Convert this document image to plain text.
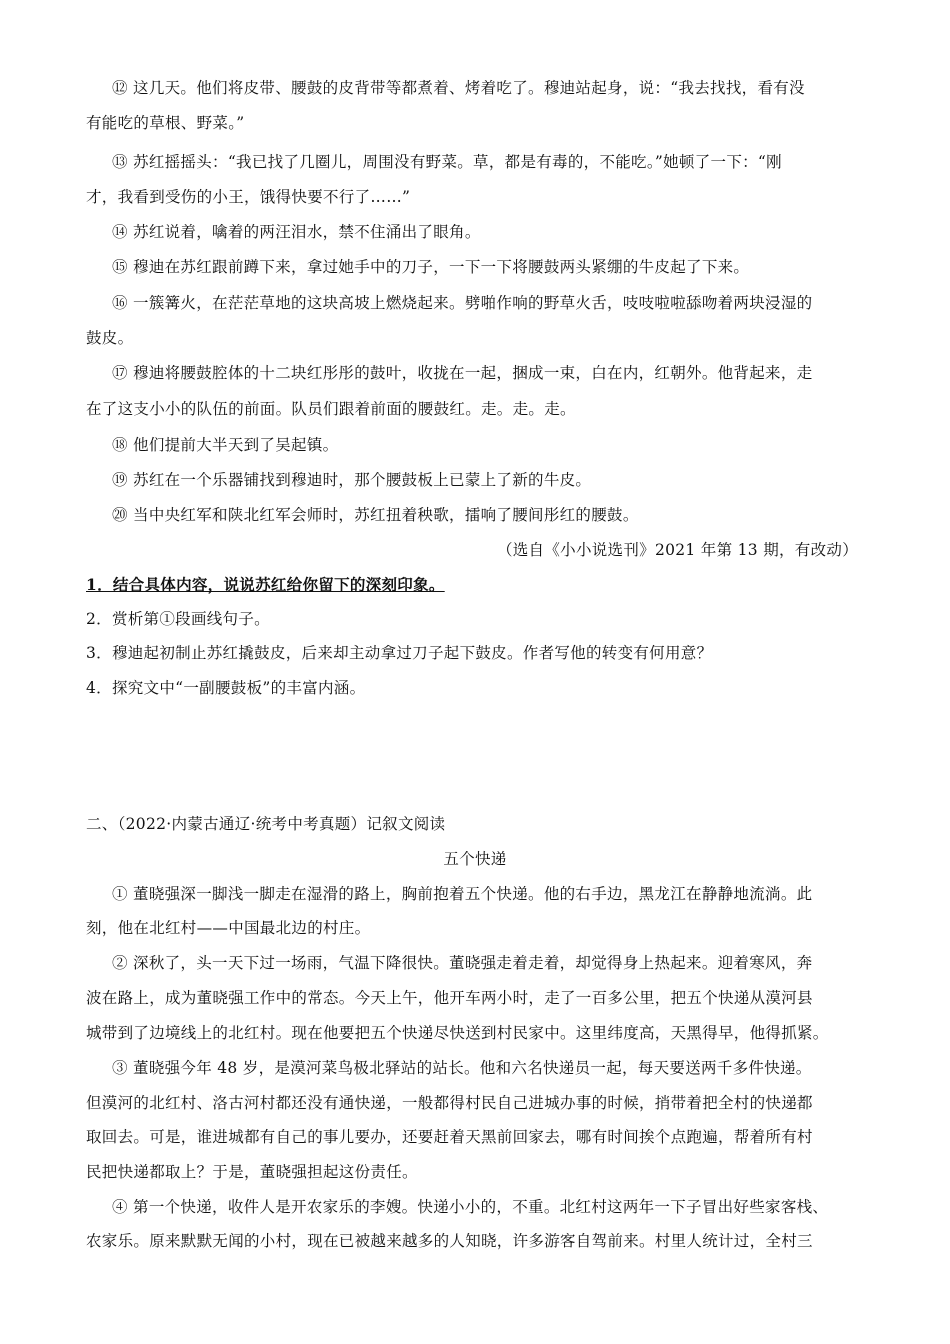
⑫ 这几天。他们将皮带、腰鼓的皮背带等都煮着、烤着吃了。穆迪站起身，说：“我去找找，看有没
有能吃的草根、野菜。”
⑬ 苏红摇摇头：“我已找了几圈儿，周围没有野菜。草，都是有毒的，不能吃。”她顿了一下：“刚
才，我看到受伤的小王，饿得快要不行了……”
⑭ 苏红说着，噙着的两汪泪水，禁不住涌出了眼角。
⑮ 穆迪在苏红跟前蹲下来，拿过她手中的刀子，一下一下将腰鼓两头紧绷的牛皮起了下来。
⑯ 一簇篝火，在茫茫草地的这块高坡上燃烧起来。劈啪作响的野草火舌，吱吱啦啦舔吻着两块浸湿的
鼓皮。
⑰ 穆迪将腰鼓腔体的十二块红彤彤的鼓叶，收拢在一起，捆成一束，白在内，红朝外。他背起来，走
在了这支小小的队伍的前面。队员们跟着前面的腰鼓红。走。走。走。
⑱ 他们提前大半天到了吴起镇。
⑲ 苏红在一个乐器铺找到穆迪时，那个腰鼓板上已蒙上了新的牛皮。
⑳ 当中央红军和陕北红军会师时，苏红扭着秧歌，擂响了腰间彤红的腰鼓。
（选自《小小说选刊》2021 年第 13 期，有改动）
1．结合具体内容，说说苏红给你留下的深刻印象。
2．赏析第①段画线句子。
3．穆迪起初制止苏红撬鼓皮，后来却主动拿过刀子起下鼓皮。作者写他的转变有何用意？
4．探究文中“一副腰鼓板”的丰富内涵。
二、（2022·内蒙古通辽·统考中考真题）记叙文阅读
五个快递
① 董晓强深一脚浅一脚走在湿滑的路上，胸前抱着五个快递。他的右手边，黑龙江在静静地流淌。此
刻，他在北红村——中国最北边的村庄。
② 深秋了，头一天下过一场雨，气温下降很快。董晓强走着走着，却觉得身上热起来。迎着寒风，奔
波在路上，成为董晓强工作中的常态。今天上午，他开车两小时，走了一百多公里，把五个快递从漠河县
城带到了边境线上的北红村。现在他要把五个快递尽快送到村民家中。这里纬度高，天黑得早，他得抓紧。
③ 董晓强今年 48 岁，是漠河菜鸟极北驿站的站长。他和六名快递员一起，每天要送两千多件快递。
但漠河的北红村、洛古河村都还没有通快递，一般都得村民自己进城办事的时候，捎带着把全村的快递都
取回去。可是，谁进城都有自己的事儿要办，还要赶着天黑前回家去，哪有时间挨个点跑遍，帮着所有村
民把快递都取上？于是，董晓强担起这份责任。
④ 第一个快递，收件人是开农家乐的李嫂。快递小小的，不重。北红村这两年一下子冒出好些家客栈、
农家乐。原来默默无闻的小村，现在已被越来越多的人知晓，许多游客自驾前来。村里人统计过，全村三
